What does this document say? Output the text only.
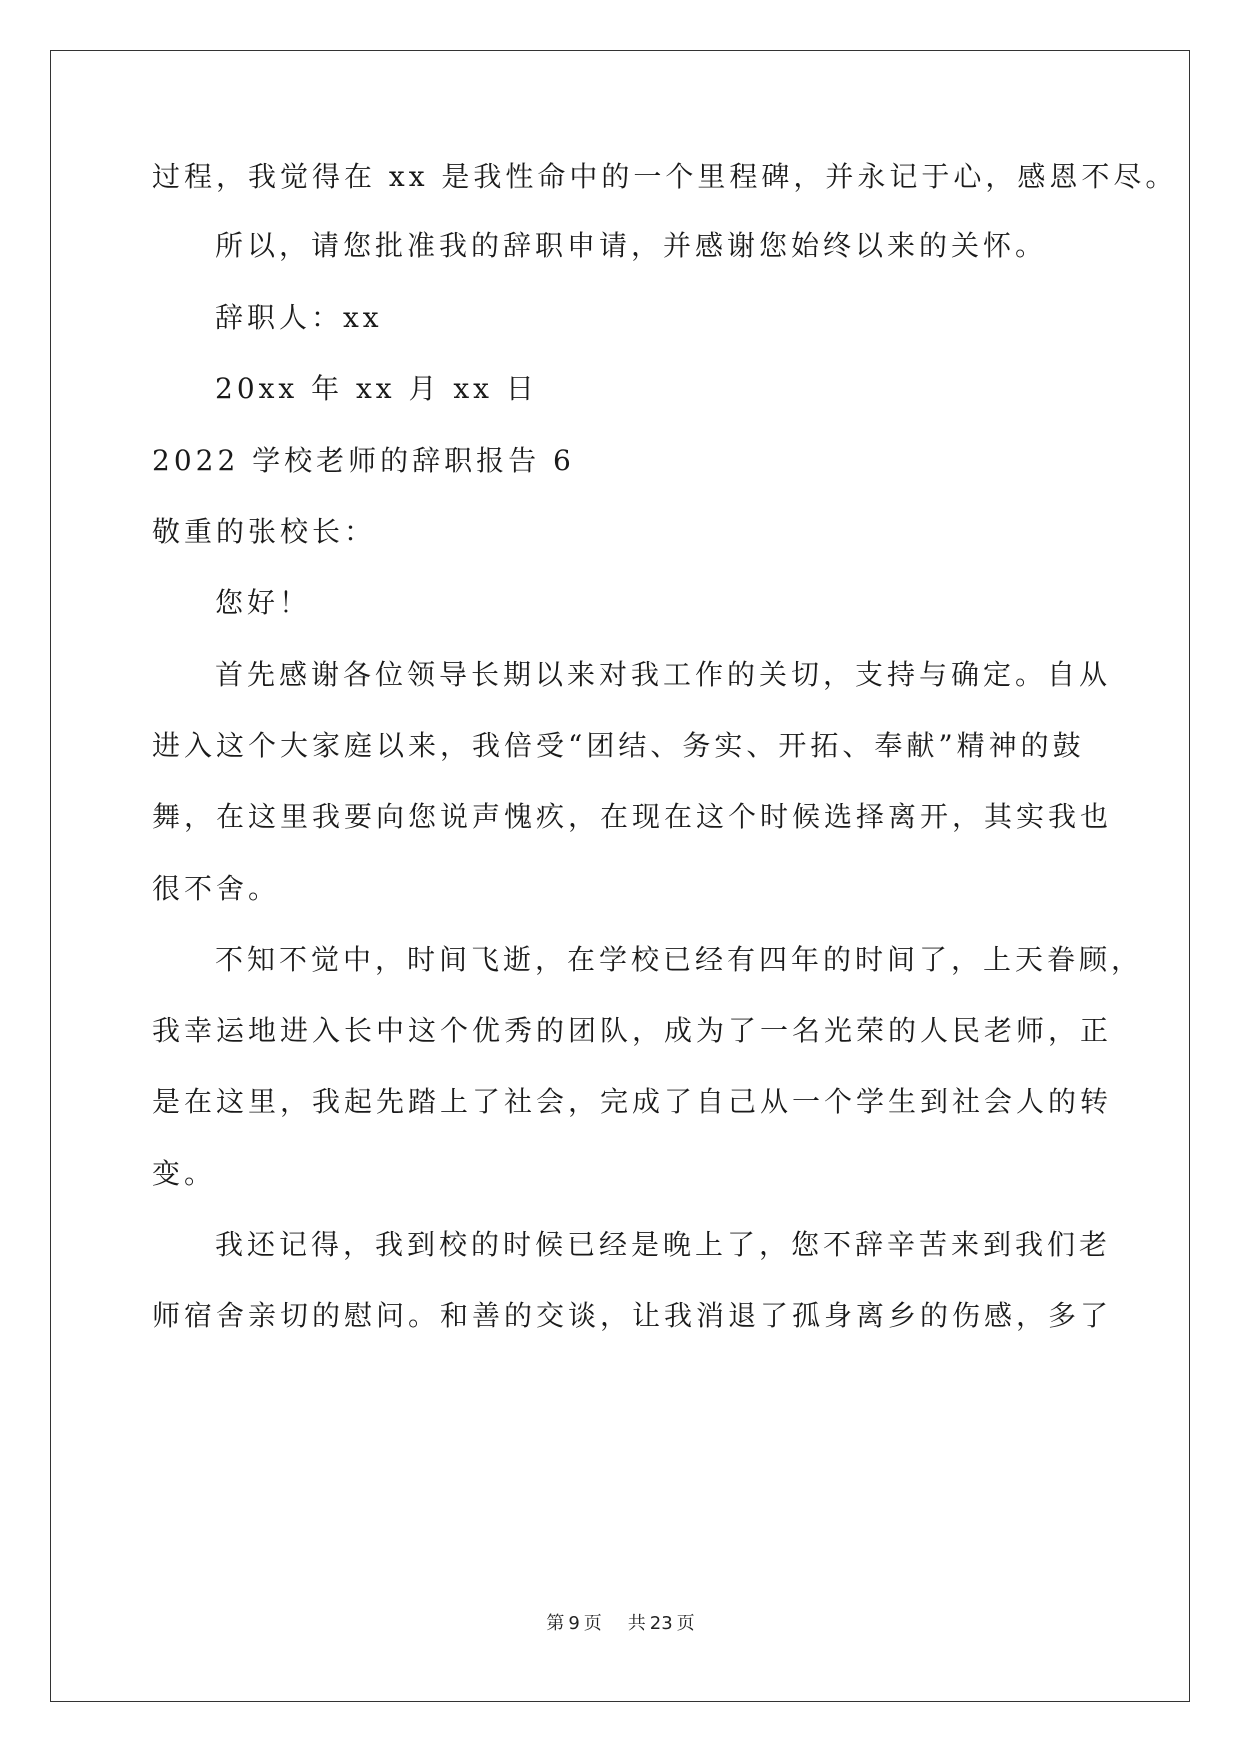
过程，我觉得在 xx 是我性命中的一个里程碑，并永记于心，感恩不尽。
所以，请您批准我的辞职申请，并感谢您始终以来的关怀。
辞职人：xx
20xx 年 xx 月 xx 日
2022 学校老师的辞职报告 6
敬重的张校长：
您好！
首先感谢各位领导长期以来对我工作的关切，支持与确定。自从
进入这个大家庭以来，我倍受“团结、务实、开拓、奉献”精神的鼓
舞，在这里我要向您说声愧疚，在现在这个时候选择离开，其实我也
很不舍。
不知不觉中，时间飞逝，在学校已经有四年的时间了，上天眷顾，
我幸运地进入长中这个优秀的团队，成为了一名光荣的人民老师，正
是在这里，我起先踏上了社会，完成了自己从一个学生到社会人的转
变。
我还记得，我到校的时候已经是晚上了，您不辞辛苦来到我们老
师宿舍亲切的慰问。和善的交谈，让我消退了孤身离乡的伤感，多了
第 9 页 共 23 页
